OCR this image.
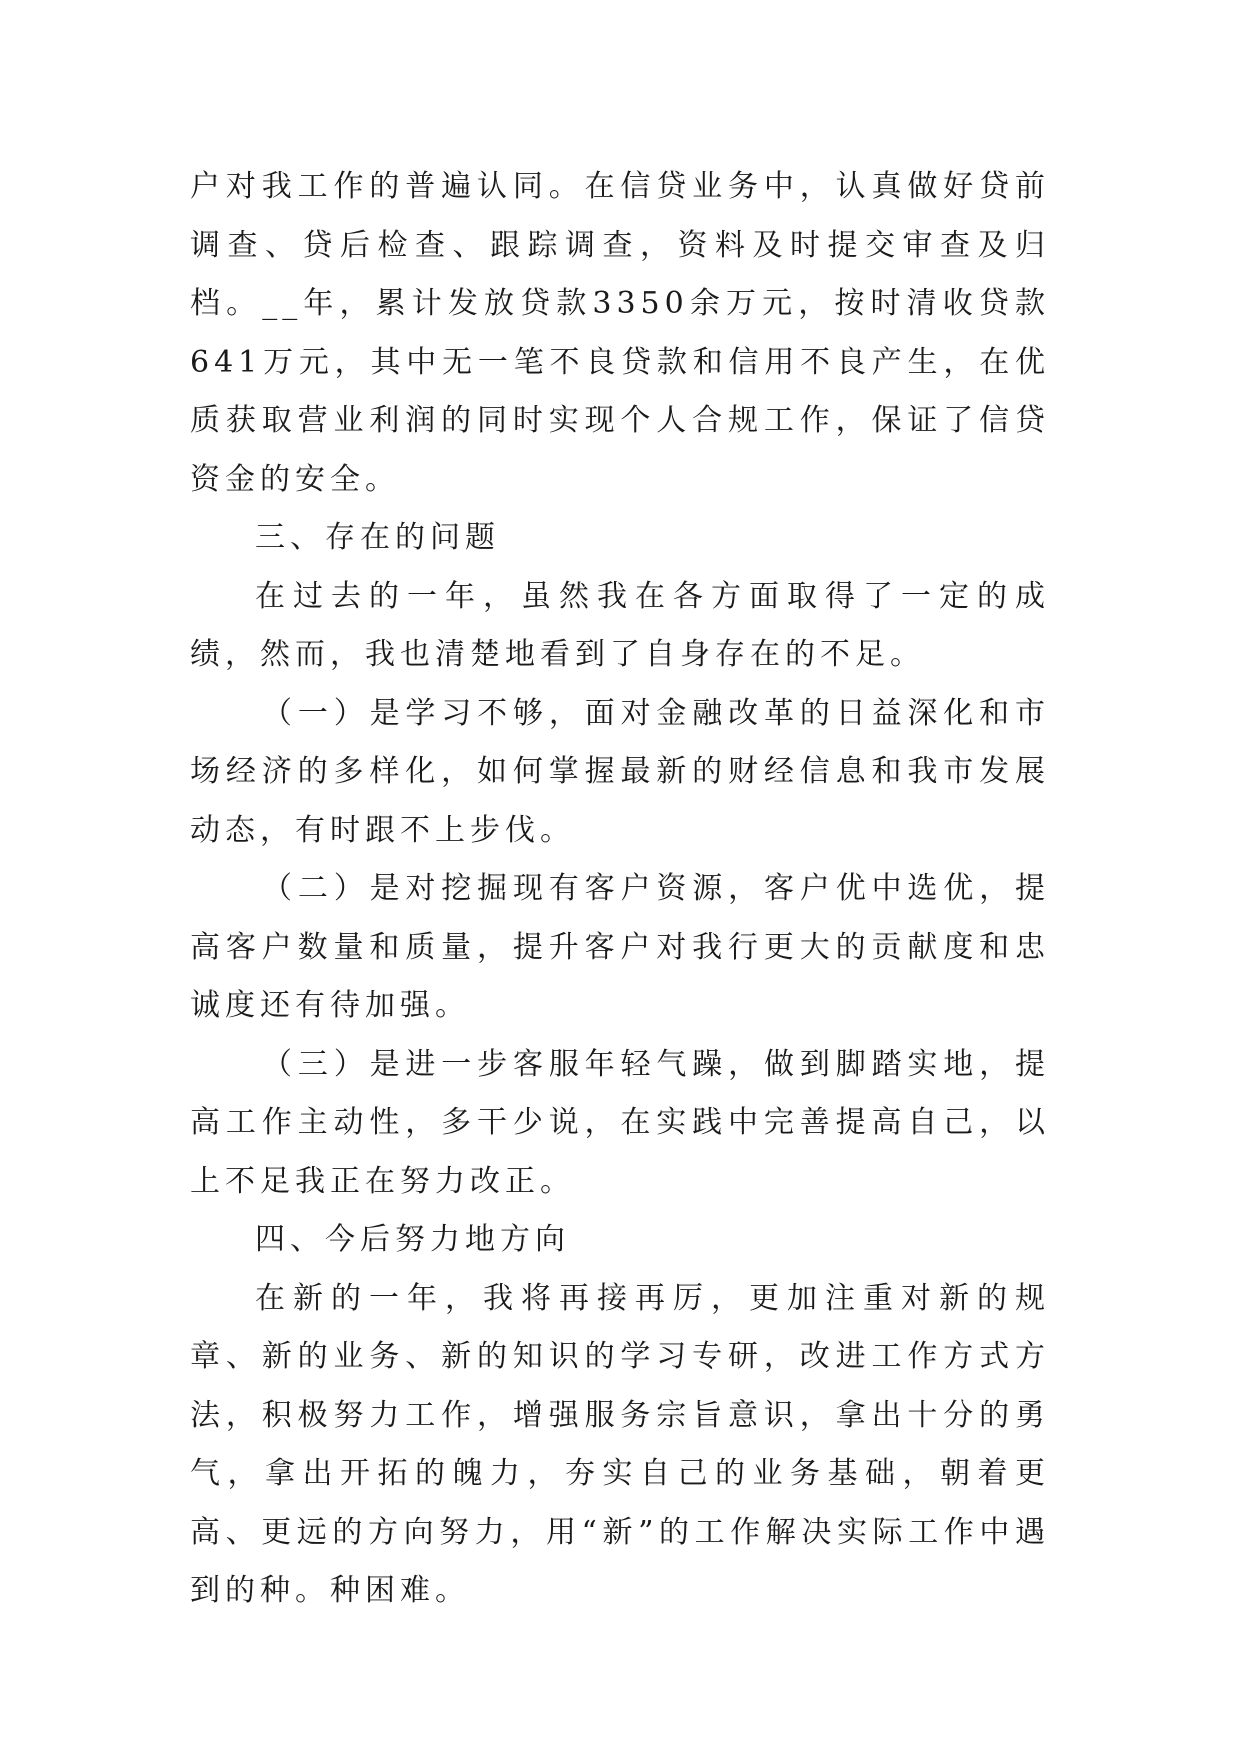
户对我工作的普遍认同。在信贷业务中，认真做好贷前调查、贷后检查、跟踪调查，资料及时提交审查及归档。__年，累计发放贷款3350余万元，按时清收贷款641万元，其中无一笔不良贷款和信用不良产生，在优质获取营业利润的同时实现个人合规工作，保证了信贷资金的安全。

三、存在的问题

在过去的一年，虽然我在各方面取得了一定的成绩，然而，我也清楚地看到了自身存在的不足。

（一）是学习不够，面对金融改革的日益深化和市场经济的多样化，如何掌握最新的财经信息和我市发展动态，有时跟不上步伐。

（二）是对挖掘现有客户资源，客户优中选优，提高客户数量和质量，提升客户对我行更大的贡献度和忠诚度还有待加强。

（三）是进一步客服年轻气躁，做到脚踏实地，提高工作主动性，多干少说，在实践中完善提高自己，以上不足我正在努力改正。

四、今后努力地方向

在新的一年，我将再接再厉，更加注重对新的规章、新的业务、新的知识的学习专研，改进工作方式方法，积极努力工作，增强服务宗旨意识，拿出十分的勇气，拿出开拓的魄力，夯实自己的业务基础，朝着更高、更远的方向努力，用“新”的工作解决实际工作中遇到的种。种困难。
